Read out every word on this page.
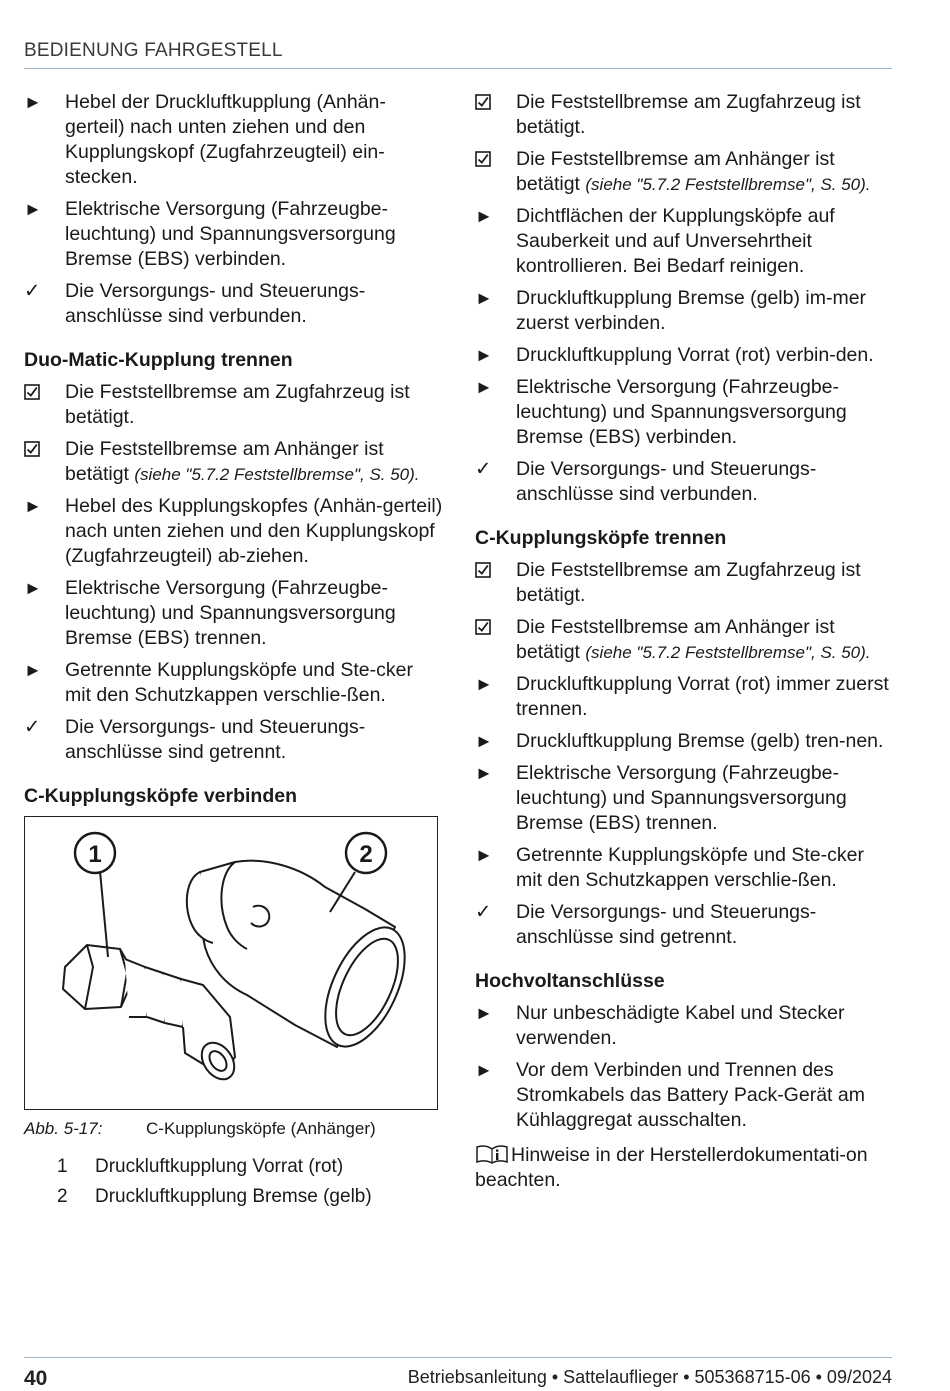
BEDIENUNG FAHRGESTELL
►	Hebel der Druckluftkupplung (Anhän-gerteil) nach unten ziehen und den Kupplungskopf (Zugfahrzeugteil) ein-stecken.
►	Elektrische Versorgung (Fahrzeugbe-leuchtung) und Spannungsversorgung Bremse (EBS) verbinden.
✓	Die Versorgungs- und Steuerungs-anschlüsse sind verbunden.
Duo-Matic-Kupplung trennen
Die Feststellbremse am Zugfahrzeug ist betätigt.
Die Feststellbremse am Anhänger ist betätigt (siehe "5.7.2 Feststellbremse", S. 50).
►	Hebel des Kupplungskopfes (Anhän-gerteil) nach unten ziehen und den Kupplungskopf (Zugfahrzeugteil) ab-ziehen.
►	Elektrische Versorgung (Fahrzeugbe-leuchtung) und Spannungsversorgung Bremse (EBS) trennen.
►	Getrennte Kupplungsköpfe und Ste-cker mit den Schutzkappen verschlie-ßen.
✓	Die Versorgungs- und Steuerungs-anschlüsse sind getrennt.
C-Kupplungsköpfe verbinden
1	2
Abb. 5-17:	C-Kupplungsköpfe (Anhänger)
1 Druckluftkupplung Vorrat (rot)
2 Druckluftkupplung Bremse (gelb)
Die Feststellbremse am Zugfahrzeug ist betätigt.
Die Feststellbremse am Anhänger ist betätigt (siehe "5.7.2 Feststellbremse", S. 50).
►	Dichtflächen der Kupplungsköpfe auf Sauberkeit und auf Unversehrtheit kontrollieren. Bei Bedarf reinigen.
►	Druckluftkupplung Bremse (gelb) im-mer zuerst verbinden.
►	Druckluftkupplung Vorrat (rot) verbin-den.
►	Elektrische Versorgung (Fahrzeugbe-leuchtung) und Spannungsversorgung Bremse (EBS) verbinden.
✓	Die Versorgungs- und Steuerungs-anschlüsse sind verbunden.
C-Kupplungsköpfe trennen
Die Feststellbremse am Zugfahrzeug ist betätigt.
Die Feststellbremse am Anhänger ist betätigt (siehe "5.7.2 Feststellbremse", S. 50).
►	Druckluftkupplung Vorrat (rot) immer zuerst trennen.
►	Druckluftkupplung Bremse (gelb) tren-nen.
►	Elektrische Versorgung (Fahrzeugbe-leuchtung) und Spannungsversorgung Bremse (EBS) trennen.
►	Getrennte Kupplungsköpfe und Ste-cker mit den Schutzkappen verschlie-ßen.
✓	Die Versorgungs- und Steuerungs-anschlüsse sind getrennt.
Hochvoltanschlüsse
►	Nur unbeschädigte Kabel und Stecker verwenden.
►	Vor dem Verbinden und Trennen des Stromkabels das Battery Pack-Gerät am Kühlaggregat ausschalten.
Hinweise in der Herstellerdokumentati-on beachten.
40	Betriebsanleitung • Sattelauflieger • 505368715-06 • 09/2024
